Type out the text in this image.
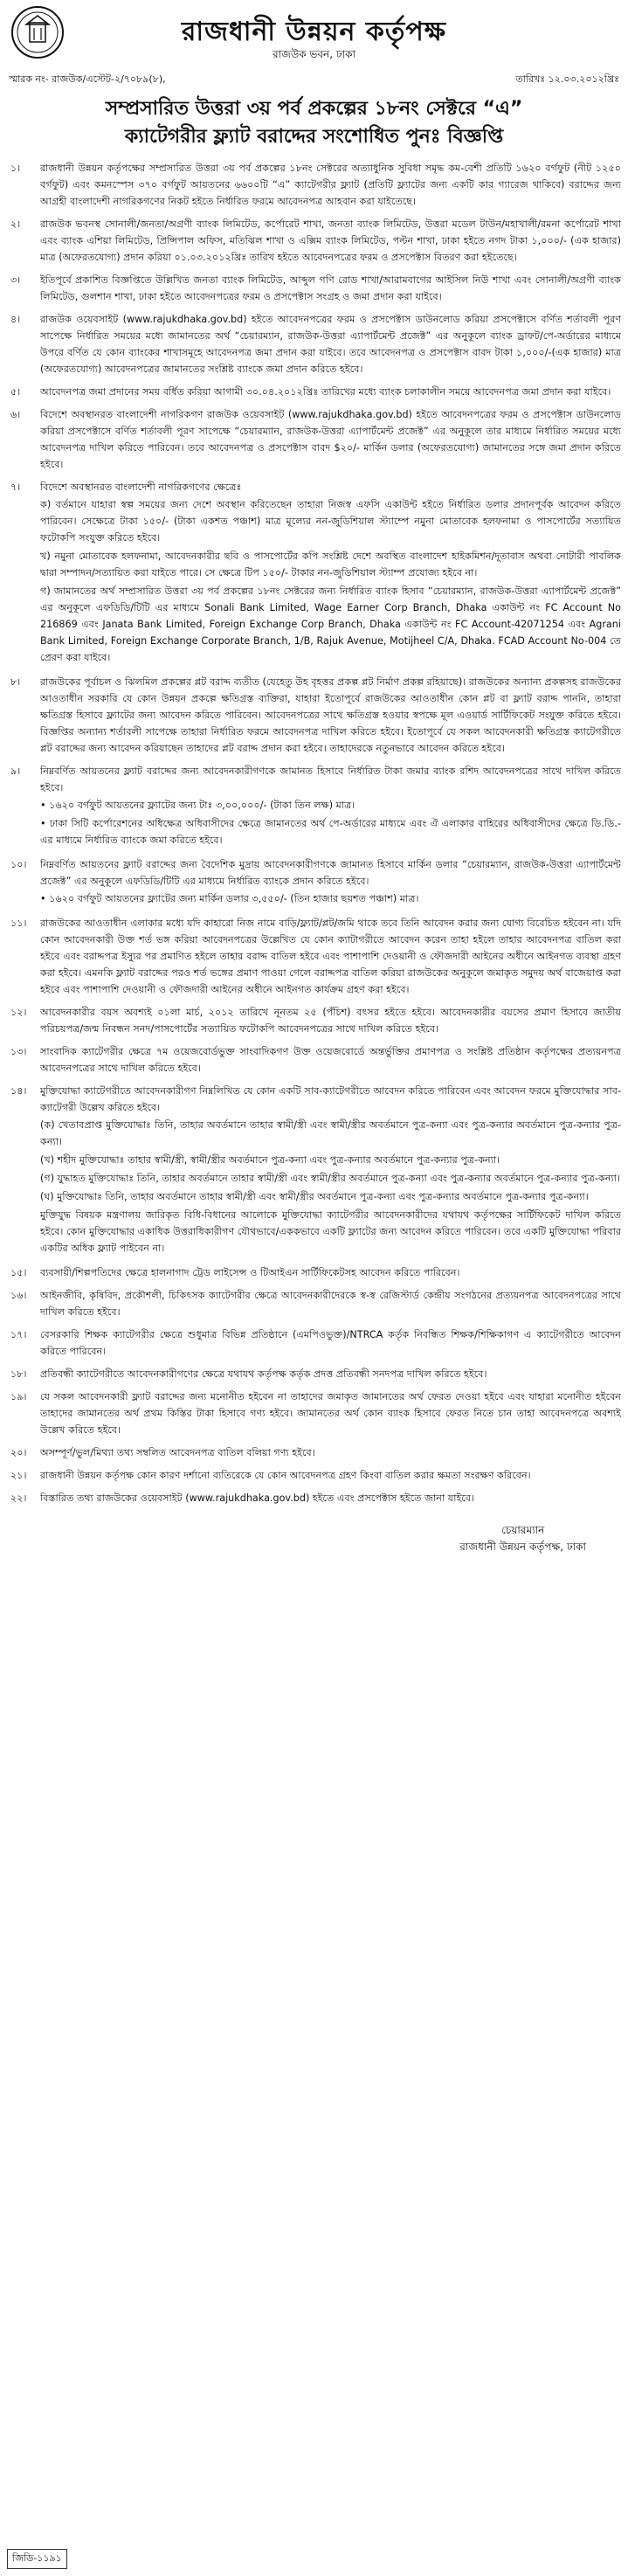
রাজধানী উন্নয়ন কর্তৃপক্ষ
রাজউক ভবন, ঢাকা
স্মারক নং- রাজউক/এস্টেট-২/৭০৮৯(৮),	তারিখঃ ১২.০৩.২০১২খ্রিঃ
সম্প্রসারিত উত্তরা ৩য় পর্ব প্রকল্পের ১৮নং সেক্টরে “এ”
ক্যাটেগরীর ফ্ল্যাট বরাদ্দের সংশোধিত পুনঃ বিজ্ঞপ্তি
১।	রাজধানী উন্নয়ন কর্তৃপক্ষের সম্প্রসারিত উত্তরা ৩য় পর্ব প্রকল্পের ১৮নং সেক্টরের অত্যাধুনিক সুবিধা সমৃদ্ধ কম-বেশী প্রতিটি ১৬২০ বর্গফুট (নীট ১২৫০ বর্গফুট) এবং কমনস্পেস ৩৭০ বর্গফুট আয়তনের ৬৬০০টি “এ” ক্যাটেগরীর ফ্ল্যাট (প্রতিটি ফ্ল্যাটের জন্য একটি কার গ্যারেজ থাকিবে) বরাদ্দের জন্য আগ্রহী বাংলাদেশী নাগরিকগণের নিকট হইতে নির্ধারিত ফরমে আবেদনপত্র আহবান করা যাইতেছে।
২।	রাজউক ভবনস্থ সোনালী/জনতা/অগ্রণী ব্যাংক লিমিটেড, কর্পোরেট শাখা, জনতা ব্যাংক লিমিটেড, উত্তরা মডেল টাউন/মহাখালী/রমনা কর্পোরেট শাখা এবং ব্যাংক এশিয়া লিমিটেড, প্রিন্সিপাল অফিস, মতিঝিল শাখা ও এক্সিম ব্যাংক লিমিটেড, পল্টন শাখা, ঢাকা হইতে নগদ টাকা ১,০০০/- (এক হাজার) মাত্র (অফেরতযোগ্য) প্রদান করিয়া ০১.০৩.২০১২খ্রিঃ তারিখ হইতে আবেদনপত্রের ফরম ও প্রসপেক্টাস বিতরণ করা হইতেছে।
৩।	ইতিপূর্বে প্রকাশিত বিজ্ঞপ্তিতে উল্লিখিত জনতা ব্যাংক লিমিটেড, আব্দুল গণি রোড শাখা/আরামবাগের আইসিল নিউ শাখা এবং সোনালী/অগ্রণী ব্যাংক লিমিটেড, গুলশান শাখা, ঢাকা হইতে আবেদনপত্রের ফরম ও প্রসপেক্টাস সংগ্রহ ও জমা প্রদান করা যাইবে।
৪।	রাজউক ওয়েবসাইট (www.rajukdhaka.gov.bd) হইতে আবেদনপত্রের ফরম ও প্রসপেক্টাস ডাউনলোড করিয়া প্রসপেক্টাসে বর্ণিত শর্তাবলী পূরণ সাপেক্ষে নির্ধারিত সময়ের মধ্যে জামানতের অর্থ “চেয়ারম্যান, রাজউক-উত্তরা এ্যাপার্টমেন্ট প্রজেক্ট” এর অনুকূলে ব্যাংক ড্রাফট/পে-অর্ডারের মাধ্যমে উপরে বর্ণিত যে কোন ব্যাংকের শাখাসমূহে আবেদনপত্র জমা প্রদান করা যাইবে। তবে আবেদনপত্র ও প্রসপেক্টাস বাবদ টাকা ১,০০০/-(এক হাজার) মাত্র (অফেরতযোগ্য) আবেদনপত্রের জামানতের সংশ্লিষ্ট ব্যাংকে জমা প্রদান করিতে হইবে।
৫।	আবেদনপত্র জমা প্রদানের সময় বর্ধিত করিয়া আগামী ৩০.০৪.২০১২খ্রিঃ তারিখের মধ্যে ব্যাংক চলাকালীন সময়ে আবেদনপত্র জমা প্রদান করা যাইবে।
৬।	বিদেশে অবস্থানরত বাংলাদেশী নাগরিকগণ রাজউক ওয়েবসাইট (www.rajukdhaka.gov.bd) হইতে আবেদনপত্রের ফরম ও প্রসপেক্টাস ডাউনলোড করিয়া প্রসপেক্টাসে বর্ণিত শর্তাবলী পূরণ সাপেক্ষে “চেয়ারম্যান, রাজউক-উত্তরা এ্যাপার্টমেন্ট প্রজেক্ট” এর অনুকূলে তার মাধ্যমে নির্ধারিত সময়ের মধ্যে আবেদনপত্র দাখিল করিতে পারিবেন। তবে আবেদনপত্র ও প্রসপেক্টাস বাবদ $২০/- মার্কিন ডলার (অফেরতযোগ্য) জামানতের সঙ্গে জমা প্রদান করিতে হইবে।
৭।	বিদেশে অবস্থানরত বাংলাদেশী নাগরিকগণের ক্ষেত্রেঃ
ক) বর্তমানে যাহারা স্বল্প সময়ের জন্য দেশে অবস্থান করিতেছেন তাহারা নিজস্ব এফসি একাউন্ট হইতে নির্ধারিত ডলার প্রদানপূর্বক আবেদন করিতে পারিবেন। সেক্ষেত্রে টাকা ১৫০/- (টাকা একশত পঞ্চাশ) মাত্র মূল্যের নন-জুডিশিয়াল স্ট্যাম্পে নমুনা মোতাবেক হলফনামা ও পাসপোর্টের সত্যায়িত ফটোকপি সংযুক্ত করিতে হইবে।
খ) নমুনা মোতাবেক হলফনামা, আবেদনকারীর ছবি ও পাসপোর্টের কপি সংশ্লিষ্ট দেশে অবস্থিত বাংলাদেশ হাইকমিশন/দূতাবাস অথবা নোটারী পাবলিক দ্বারা সম্পাদন/সত্যায়িত করা যাইতে পারে। সে ক্ষেত্রে টিপ ১৫০/- টাকার নন-জুডিশিয়াল স্ট্যাম্প প্রযোজ্য হইবে না।
গ) জামানতের অর্থ সম্প্রসারিত উত্তরা ৩য় পর্ব প্রকল্পের ১৮নং সেক্টরের জন্য নির্ধারিত ব্যাংক হিসাব “চেয়ারম্যান, রাজউক-উত্তরা এ্যাপার্টমেন্ট প্রজেক্ট” এর অনুকূলে এফডিডি/টিটি এর মাধ্যমে Sonali Bank Limited, Wage Earner Corp Branch, Dhaka একাউন্ট নং FC Account No 216869 এবং Janata Bank Limited, Foreign Exchange Corp Branch, Dhaka একাউন্ট নং FC Account-42071254 এবং Agrani Bank Limited, Foreign Exchange Corporate Branch, 1/B, Rajuk Avenue, Motijheel C/A, Dhaka. FCAD Account No-004 তে প্রেরণ করা যাইবে।
৮।	রাজউকের পূর্বাচল ও ঝিলমিল প্রকল্পের প্লট বরাদ্দ ব্যতীত (যেহেতু উহ বৃহত্তর প্রকল্প প্লট নির্মাণ প্রকল্প রহিয়াছে)। রাজউকের অন্যান্য প্রকল্পসহ রাজউকের আওতাধীন সরকারি যে কোন উন্নয়ন প্রকল্পে ক্ষতিগ্রস্ত ব্যক্তিরা, যাহারা ইতোপূর্বে রাজউকের আওতাধীন কোন প্লট বা ফ্ল্যাট বরাদ্দ পাননি, তাহারা ক্ষতিগ্রস্ত হিসাবে ফ্ল্যাটের জন্য আবেদন করিতে পারিবেন। আবেদনপত্রের সাথে ক্ষতিগ্রস্ত হওয়ার স্বপক্ষে মূল এওয়ার্ড সার্টিফিকেট সংযুক্ত করিতে হইবে। বিজ্ঞপ্তির অন্যান্য শর্তাবলী সাপেক্ষে তাহারা নির্ধারিত ফরমে আবেদনপত্র দাখিল করিতে হইবে। ইতোপূর্বে যে সকল আবেদনকারী ক্ষতিগ্রস্ত ক্যাটেগরীতে প্লট বরাদ্দের জন্য আবেদন করিয়াছেন তাহাদের প্লট বরাদ্দ প্রদান করা হইবে। তাহাদেরকে নতুনভাবে আবেদন করিতে হইবে।
৯।	নিম্নবর্ণিত আয়তনের ফ্ল্যাট বরাদ্দের জন্য আবেদনকারীগণকে জামানত হিসাবে নির্ধারিত টাকা জমার ব্যাংক রশিদ আবেদনপত্রের সাথে দাখিল করিতে হইবে।
• ১৬২০ বর্গফুট আয়তনের ফ্ল্যাটের জন্য টাঃ ৩,০০,০০০/- (টাকা তিন লক্ষ) মাত্র।
• ঢাকা সিটি কর্পোরেশনের অধিক্ষেত্র অধিবাসীদের ক্ষেত্রে জামানতের অর্থ পে-অর্ডারের মাধ্যমে এবং ঐ এলাকার বাহিরের অধিবাসীদের ক্ষেত্রে ডি.ডি.-এর মাধ্যমে নির্ধারিত ব্যাংকে জমা করিতে হইবে।
১০।	নিম্নবর্ণিত আয়তনের ফ্ল্যাট বরাদ্দের জন্য বৈদেশিক মুদ্রায় আবেদনকারীগণকে জামানত হিসাবে মার্কিন ডলার “চেয়ারম্যান, রাজউক-উত্তরা এ্যাপার্টমেন্ট প্রজেক্ট” এর অনুকূলে এফডিডি/টিটি এর মাধ্যমে নির্ধারিত ব্যাংকে প্রদান করিতে হইবে।
• ১৬২০ বর্গফুট আয়তনের ফ্ল্যাটের জন্য মার্কিন ডলার ৩,৫৫০/- (তিন হাজার ছয়শত পঞ্চাশ) মাত্র।
১১।	রাজউকের আওতাধীন এলাকার মধ্যে যদি কাহারো নিজ নামে বাড়ি/ফ্ল্যাট/প্লট/জমি থাকে তবে তিনি আবেদন করার জন্য যোগ্য বিবেচিত হইবেন না। যদি কোন আবেদনকারী উক্ত শর্ত ভঙ্গ করিয়া আবেদনপত্রের উল্লেখিত যে কোন ক্যাটাগরীতে আবেদন করেন তাহা হইলে তাহার আবেদনপত্র বাতিল করা হইবে এবং বরাদ্দপত্র ইস্যুর পর প্রমাণিত হইলে তাহার বরাদ্দ বাতিল হইবে এবং পাশাপাশি দেওয়ানী ও ফৌজদারী আইনের অধীনে আইনগত ব্যবস্থা গ্রহণ করা হইবে। এমনকি ফ্ল্যাট বরাদ্দের পরও শর্ত ভঙ্গের প্রমাণ পাওয়া গেলে বরাদ্দপত্র বাতিল করিয়া রাজউকের অনুকূলে জমাকৃত সমুদয় অর্থ বাজেয়াপ্ত করা হইবে এবং পাশাপাশি দেওয়ানী ও ফৌজদারী আইনের অধীনে আইনগত কার্যক্রম গ্রহণ করা হইবে।
১২।	আবেদনকারীর বয়স অবশ্যই ০১লা মার্চ, ২০১২ তারিখে নূনতম ২৫ (পঁচিশ) বৎসর হইতে হইবে। আবেদনকারীর বয়সের প্রমাণ হিসাবে জাতীয় পরিচয়পত্র/জন্ম নিবন্ধন সনদ/পাসপোর্টের সত্যায়িত ফটোকপি আবেদনপত্রের সাথে দাখিল করিতে হইবে।
১৩।	সাংবাদিক ক্যাটেগরীর ক্ষেত্রে ৭ম ওয়েজবোর্ডভুক্ত সাংবাদিকগণ উক্ত ওয়েজবোর্ডে অন্তর্ভুক্তির প্রমাণপত্র ও সংশ্লিষ্ট প্রতিষ্ঠান কর্তৃপক্ষের প্রত্যয়নপত্র আবেদনপত্রের সাথে দাখিল করিতে হইবে।
১৪।	মুক্তিযোদ্ধা ক্যাটেগরীতে আবেদনকারীগণ নিম্নলিখিত যে কোন একটি সাব-ক্যাটেগরীতে আবেদন করিতে পারিবেন এবং আবেদন ফরমে মুক্তিযোদ্ধার সাব-ক্যাটেগরী উল্লেখ করিতে হইবে।
(ক) খেতাবপ্রাপ্ত মুক্তিযোদ্ধাঃ তিনি, তাহার অবর্তমানে তাহার স্বামী/স্ত্রী এবং স্বামী/স্ত্রীর অবর্তমানে পুত্র-কন্যা এবং পুত্র-কন্যার অবর্তমানে পুত্র-কন্যার পুত্র-কন্যা।
(খ) শহীদ মুক্তিযোদ্ধাঃ তাহার স্বামী/স্ত্রী, স্বামী/স্ত্রীর অবর্তমানে পুত্র-কন্যা এবং পুত্র-কন্যার অবর্তমানে পুত্র-কন্যার পুত্র-কন্যা।
(গ) যুদ্ধাহত মুক্তিযোদ্ধাঃ তিনি, তাহার অবর্তমানে তাহার স্বামী/স্ত্রী এবং স্বামী/স্ত্রীর অবর্তমানে পুত্র-কন্যা এবং পুত্র-কন্যার অবর্তমানে পুত্র-কন্যার পুত্র-কন্যা।
(ঘ) মুক্তিযোদ্ধাঃ তিনি, তাহার অবর্তমানে তাহার স্বামী/স্ত্রী এবং স্বামী/স্ত্রীর অবর্তমানে পুত্র-কন্যা এবং পুত্র-কন্যার অবর্তমানে পুত্র-কন্যার পুত্র-কন্যা।
মুক্তিযুদ্ধ বিষয়ক মন্ত্রণালয় জারিকৃত বিধি-বিধানের আলোকে মুক্তিযোদ্ধা ক্যাটেগরীর আবেদনকারীদের যথাযথ কর্তৃপক্ষের সার্টিফিকেট দাখিল করিতে হইবে। কোন মুক্তিযোদ্ধার একাধিক উত্তরাধিকারীগণ যৌথভাবে/এককভাবে একটি ফ্ল্যাটের জন্য আবেদন করিতে পারিবেন। তবে একটি মুক্তিযোদ্ধা পরিবার একটির অধিক ফ্ল্যাট পাইবেন না।
১৫।	ব্যবসায়ী/শিল্পপতিদের ক্ষেত্রে হালনাগাদ ট্রেড লাইসেন্স ও টিআইএন সার্টিফিকেটসহ আবেদন করিতে পারিবেন।
১৬।	আইনজীবি, কৃষিবিদ, প্রকৌশলী, চিকিৎসক ক্যাটেগরীর ক্ষেত্রে আবেদনকারীদেরকে স্ব-স্ব রেজিস্টার্ড কেন্দ্রীয় সংগঠনের প্রত্যয়নপত্র আবেদনপত্রের সাথে দাখিল করিতে হইবে।
১৭।	বেসরকারি শিক্ষক ক্যাটেগরীর ক্ষেত্রে শুধুমাত্র বিভিন্ন প্রতিষ্ঠানে (এমপিওভুক্ত)/NTRCA কর্তৃক নিবন্ধিত শিক্ষক/শিক্ষিকাগণ এ ক্যাটেগরীতে আবেদন করিতে পারিবেন।
১৮।	প্রতিবন্ধী ক্যাটেগরীতে আবেদনকারীগণের ক্ষেত্রে যথাযথ কর্তৃপক্ষ কর্তৃক প্রদত্ত প্রতিবন্ধী সনদপত্র দাখিল করিতে হইবে।
১৯।	যে সকল আবেদনকারী ফ্ল্যাট বরাদ্দের জন্য মনোনীত হইবেন না তাহাদের জমাকৃত জামানতের অর্থ ফেরত দেওয়া হইবে এবং যাহারা মনোনীত হইবেন তাহাদের জামানতের অর্থ প্রথম কিস্তির টাকা হিসাবে গণ্য হইবে। জামানতের অর্থ কোন ব্যাংক হিসাবে ফেরত নিতে চান তাহা আবেদনপত্রে অবশ্যই উল্লেখ করিতে হইবে।
২০।	অসম্পূর্ণ/ভুল/মিথ্যা তথ্য সম্বলিত আবেদনপত্র বাতিল বলিয়া গণ্য হইবে।
২১।	রাজধানী উন্নয়ন কর্তৃপক্ষ কোন কারণ দর্শানো ব্যতিরেকে যে কোন আবেদনপত্র গ্রহণ কিংবা বাতিল করার ক্ষমতা সংরক্ষণ করিবেন।
২২।	বিস্তারিত তথ্য রাজউকের ওয়েবসাইট (www.rajukdhaka.gov.bd) হইতে এবং প্রসপেক্টাস হইতে জানা যাইবে।
চেয়ারম্যান
রাজধানী উন্নয়ন কর্তৃপক্ষ, ঢাকা
জিডি-১১৯১
